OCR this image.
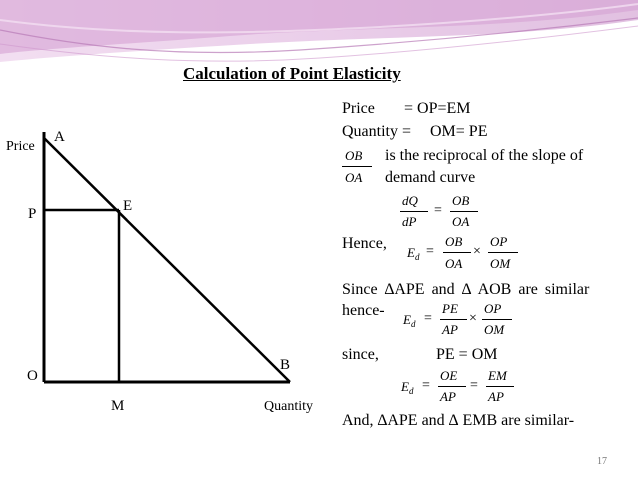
Calculation of Point Elasticity
Price
A
P	E
O
M
B
Quantity
Price = OP=EM
Quantity = OM= PE
OB
OA
is the reciprocal of the slope of
demand curve
dQ
dP
=
OB
OA
Hence,
E d =
OB
OA
×
OP
OM
Since ∆APE and ∆ AOB are similar
hence-
E d =
PE
AP
×
OP
OM
since,	PE = OM
E d =
OE
AP
=
EM
AP
And, ∆APE and ∆ EMB are similar-
17
